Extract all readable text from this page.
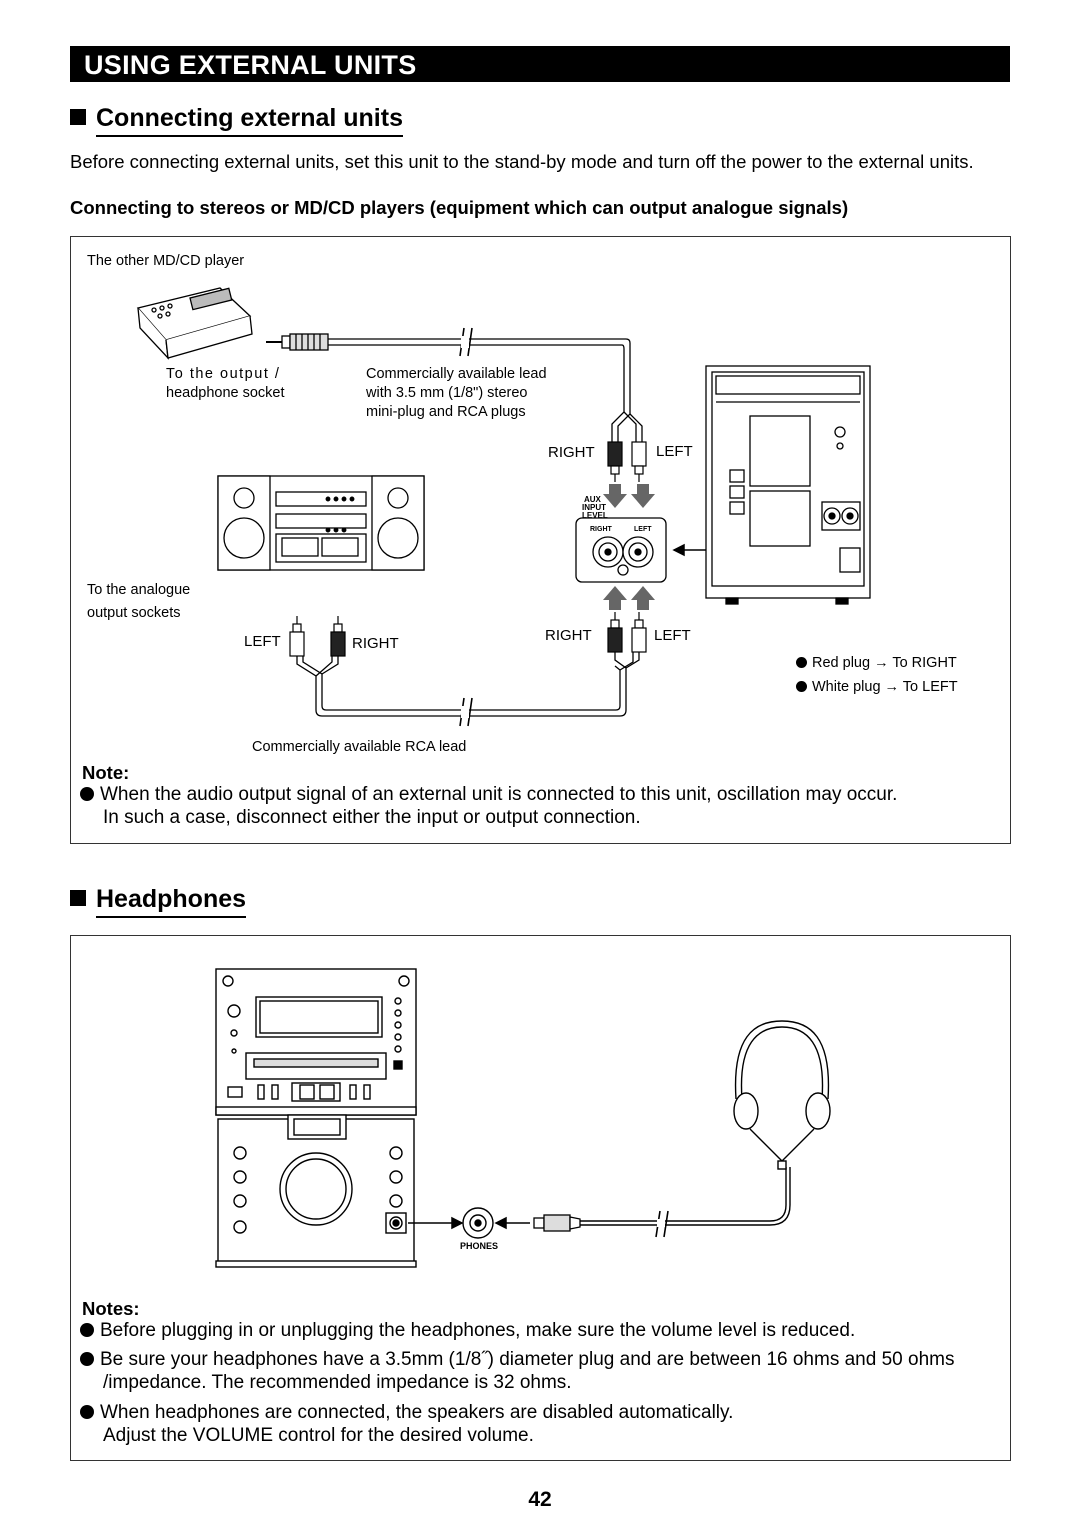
USING EXTERNAL UNITS
Connecting external units
Before connecting external units, set this unit to the stand-by mode and turn off the power to the external units.
Connecting to stereos or MD/CD players (equipment which can output analogue signals)
AUX
INPUT
LEVEL
RIGHT	LEFT
The other MD/CD player
To the output /
headphone socket
Commercially available lead
with 3.5 mm (1/8") stereo
mini-plug and RCA plugs
RIGHT	LEFT
To the analogue
output sockets
LEFT	RIGHT	RIGHT	LEFT
Red plug → To RIGHT
White plug → To LEFT
Commercially available RCA lead
Note:
When the audio output signal of an external unit is connected to this unit, oscillation may occur.
In such a case, disconnect either the input or output connection.
Headphones
PHONES
Notes:
Before plugging in or unplugging the headphones, make sure the volume level is reduced.
Be sure your headphones have a 3.5mm (1/8˝) diameter plug and are between 16 ohms and 50 ohms /impedance. The recommended impedance is 32 ohms.
When headphones are connected, the speakers are disabled automatically.
Adjust the VOLUME control for the desired volume.
42
